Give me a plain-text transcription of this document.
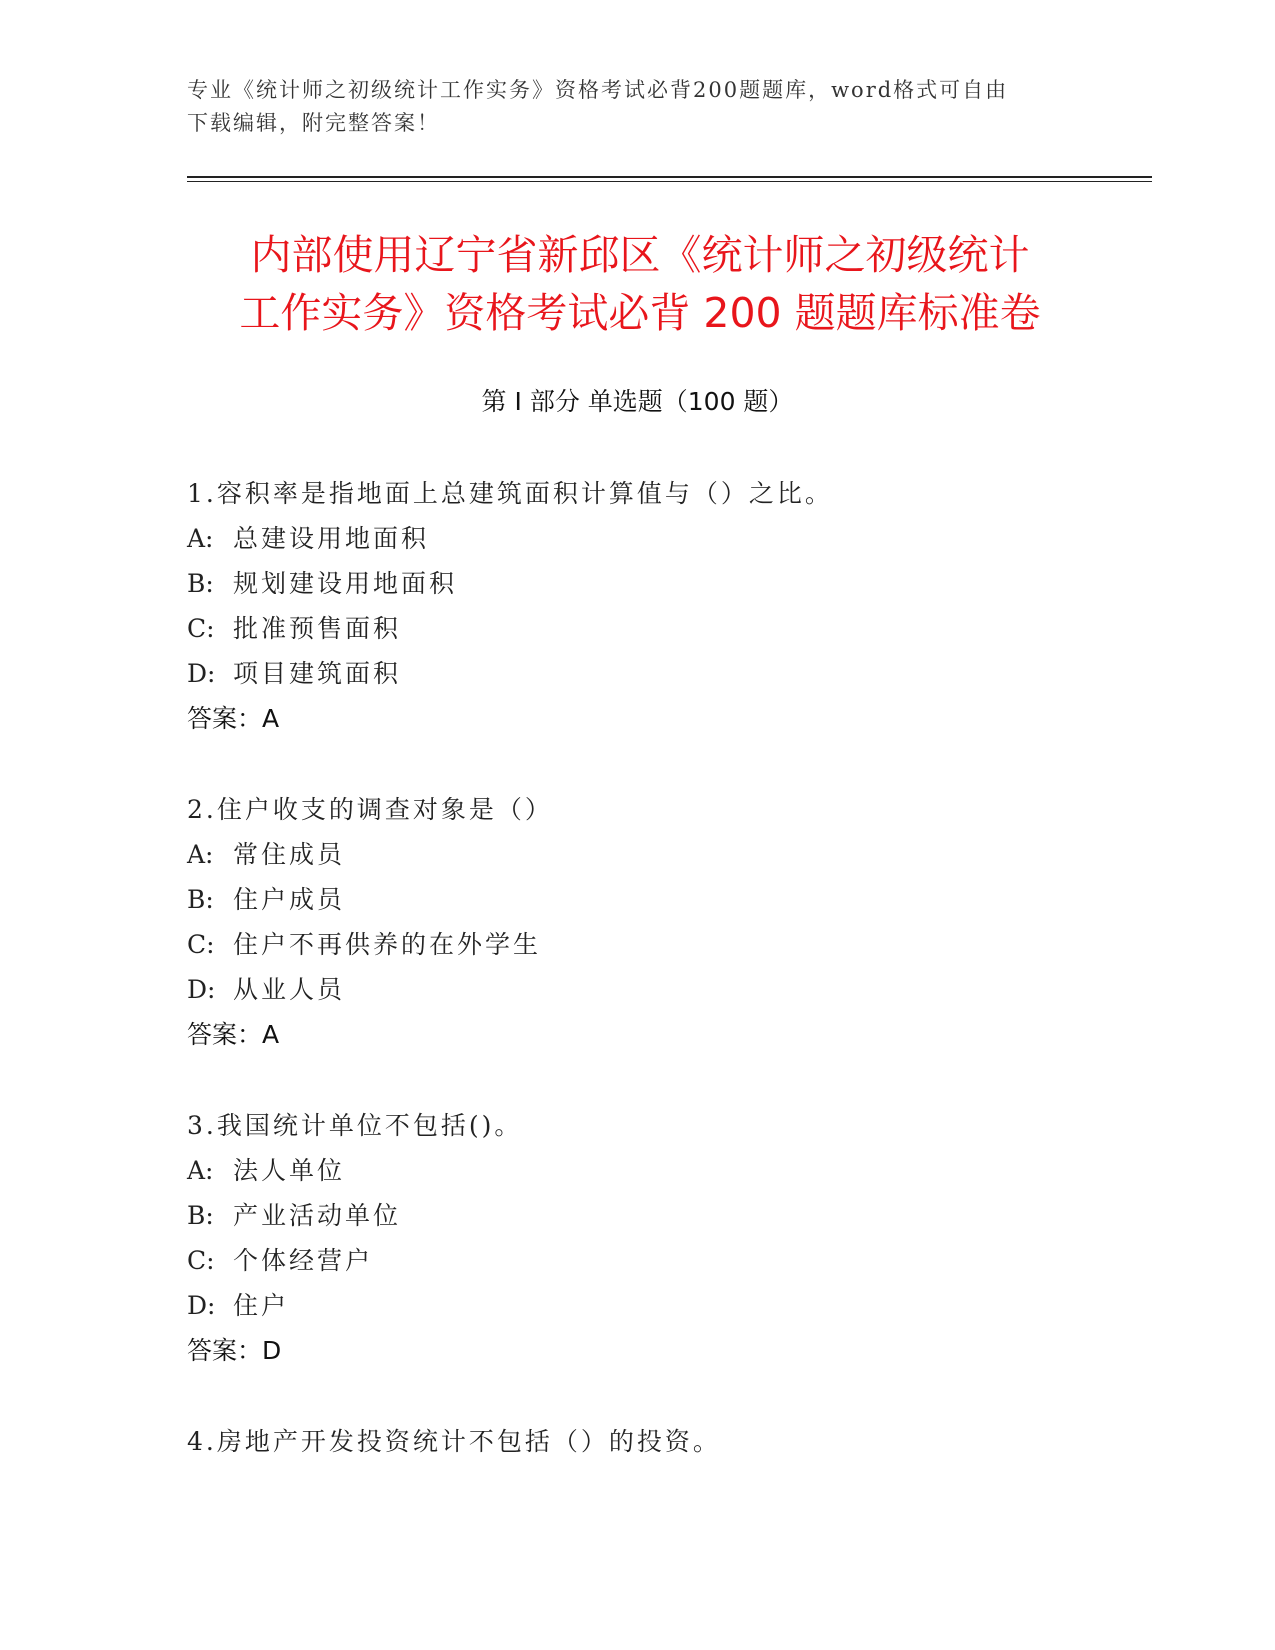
专业《统计师之初级统计工作实务》资格考试必背200题题库，word格式可自由
下载编辑，附完整答案！
内部使用辽宁省新邱区《统计师之初级统计
工作实务》资格考试必背 200 题题库标准卷
第 I 部分 单选题（100 题）
1.容积率是指地面上总建筑面积计算值与（）之比。
A: 总建设用地面积
B: 规划建设用地面积
C: 批准预售面积
D: 项目建筑面积
答案：A
2.住户收支的调查对象是（）
A: 常住成员
B: 住户成员
C: 住户不再供养的在外学生
D: 从业人员
答案：A
3.我国统计单位不包括()。
A: 法人单位
B: 产业活动单位
C: 个体经营户
D: 住户
答案：D
4.房地产开发投资统计不包括（）的投资。
